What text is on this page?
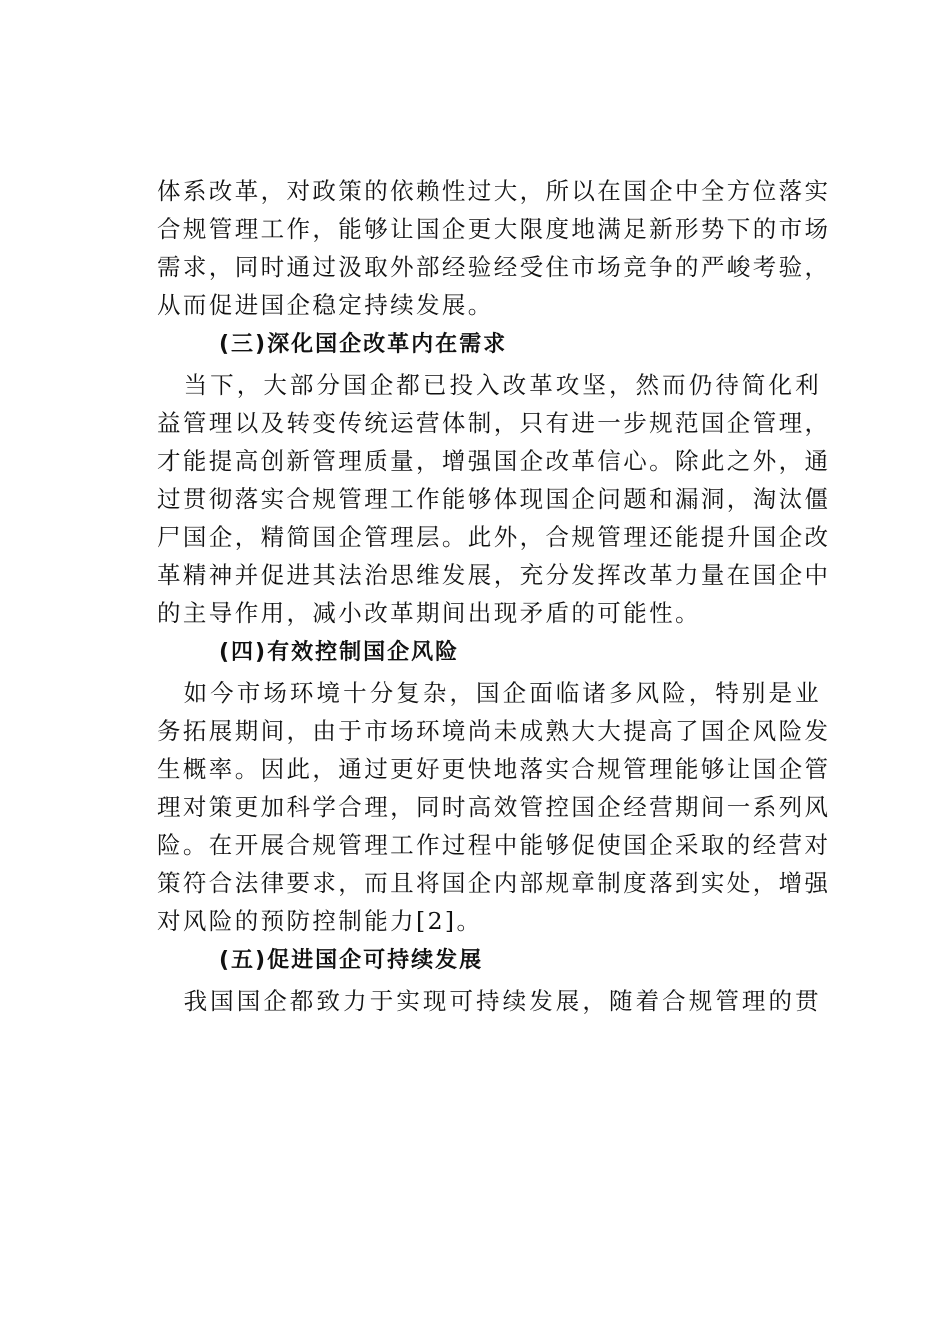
体系改革，对政策的依赖性过大，所以在国企中全方位落实
合规管理工作，能够让国企更大限度地满足新形势下的市场
需求，同时通过汲取外部经验经受住市场竞争的严峻考验，
从而促进国企稳定持续发展。
(三)深化国企改革内在需求
　当下，大部分国企都已投入改革攻坚，然而仍待简化利
益管理以及转变传统运营体制，只有进一步规范国企管理，
才能提高创新管理质量，增强国企改革信心。除此之外，通
过贯彻落实合规管理工作能够体现国企问题和漏洞，淘汰僵
尸国企，精简国企管理层。此外，合规管理还能提升国企改
革精神并促进其法治思维发展，充分发挥改革力量在国企中
的主导作用，减小改革期间出现矛盾的可能性。
(四)有效控制国企风险
　如今市场环境十分复杂，国企面临诸多风险，特别是业
务拓展期间，由于市场环境尚未成熟大大提高了国企风险发
生概率。因此，通过更好更快地落实合规管理能够让国企管
理对策更加科学合理，同时高效管控国企经营期间一系列风
险。在开展合规管理工作过程中能够促使国企采取的经营对
策符合法律要求，而且将国企内部规章制度落到实处，增强
对风险的预防控制能力[2]。
(五)促进国企可持续发展
　我国国企都致力于实现可持续发展，随着合规管理的贯
